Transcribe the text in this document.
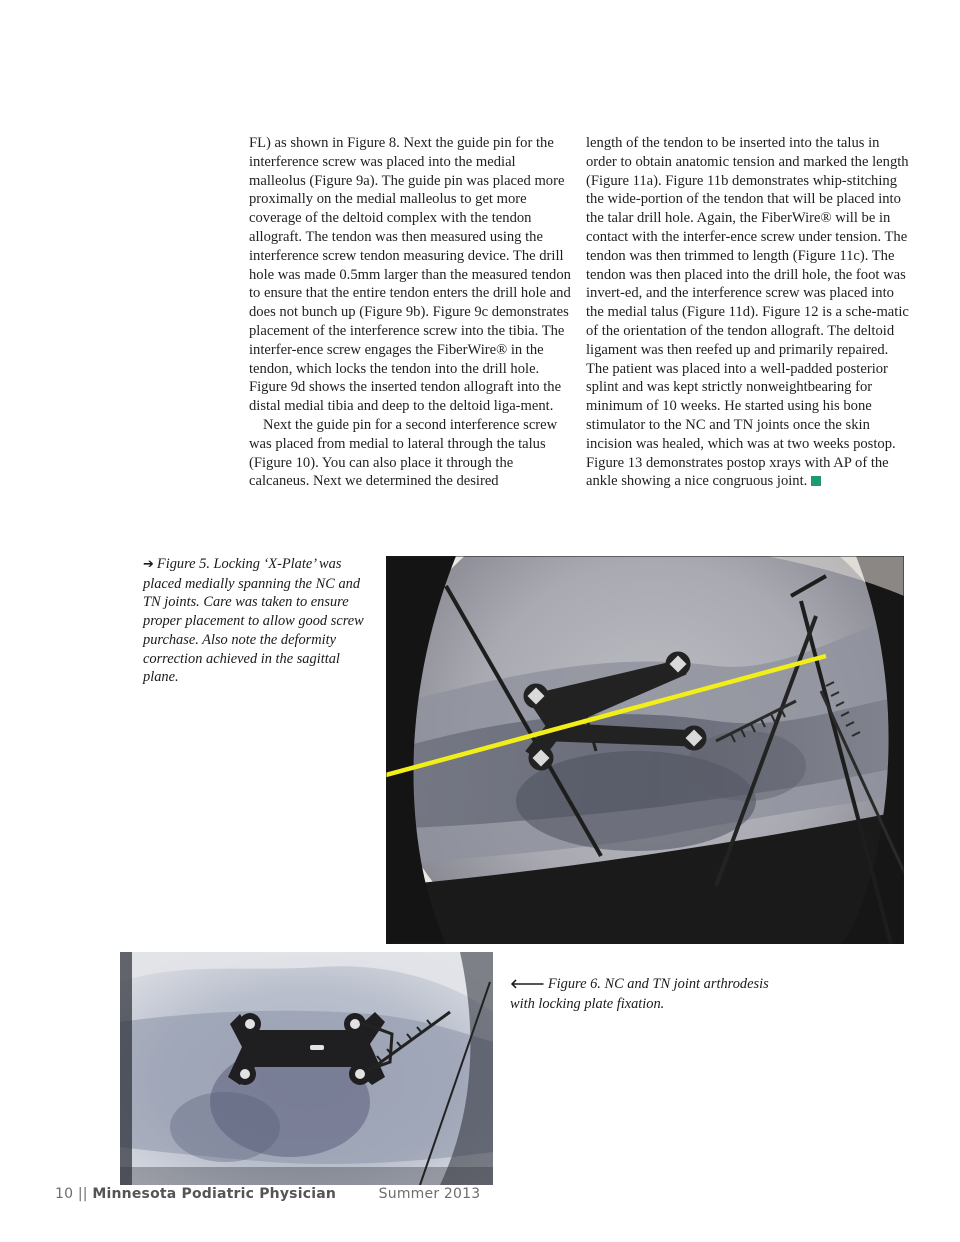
FL) as shown in Figure 8. Next the guide pin for the interference screw was placed into the medial malleolus (Figure 9a). The guide pin was placed more proximally on the medial malleolus to get more coverage of the deltoid complex with the tendon allograft. The tendon was then measured using the interference screw tendon measuring device. The drill hole was made 0.5mm larger than the measured tendon to ensure that the entire tendon enters the drill hole and does not bunch up (Figure 9b). Figure 9c demonstrates placement of the interference screw into the tibia. The interfer-ence screw engages the FiberWire® in the tendon, which locks the tendon into the drill hole. Figure 9d shows the inserted tendon allograft into the distal medial tibia and deep to the deltoid liga-ment.

Next the guide pin for a second interference screw was placed from medial to lateral through the talus (Figure 10). You can also place it through the calcaneus. Next we determined the desired

length of the tendon to be inserted into the talus in order to obtain anatomic tension and marked the length (Figure 11a). Figure 11b demonstrates whip-stitching the wide-portion of the tendon that will be placed into the talar drill hole. Again, the FiberWire® will be in contact with the interfer-ence screw under tension. The tendon was then trimmed to length (Figure 11c). The tendon was then placed into the drill hole, the foot was invert-ed, and the interference screw was placed into the medial talus (Figure 11d). Figure 12 is a sche-matic of the orientation of the tendon allograft. The deltoid ligament was then reefed up and primarily repaired. The patient was placed into a well-padded posterior splint and was kept strictly nonweightbearing for minimum of 10 weeks. He started using his bone stimulator to the NC and TN joints once the skin incision was healed, which was at two weeks postop. Figure 13 demonstrates postop xrays with AP of the ankle showing a nice congruous joint.

➔ Figure 5. Locking ‘X-Plate’ was placed medially spanning the NC and TN joints. Care was taken to ensure proper placement to allow good screw purchase. Also note the deformity correction achieved in the sagittal plane.
🡐 Figure 6. NC and TN joint arthrodesis with locking plate fixation.
10 || Minnesota Podiatric Physician	Summer 2013
